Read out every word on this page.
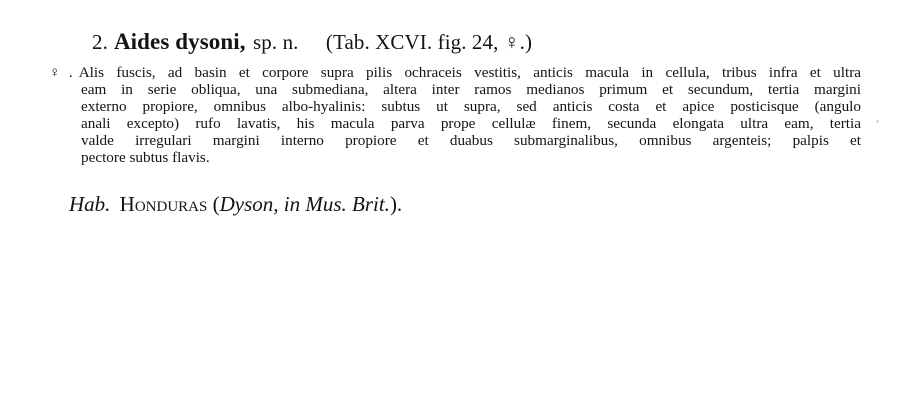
2. Aides dysoni, sp. n. (Tab. XCVI. fig. 24, ♀.)
♀. Alis fuscis, ad basin et corpore supra pilis ochraceis vestitis, anticis macula in cellula, tribus infra et ultra
eam in serie obliqua, una submediana, altera inter ramos medianos primum et secundum, tertia margini
externo propiore, omnibus albo-hyalinis: subtus ut supra, sed anticis costa et apice posticisque (angulo
anali excepto) rufo lavatis, his macula parva prope cellulæ finem, secunda elongata ultra eam, tertia
valde irregulari margini interno propiore et duabus submarginalibus, omnibus argenteis; palpis et
pectore subtus flavis.
Hab. Honduras (Dyson, in Mus. Brit.).
